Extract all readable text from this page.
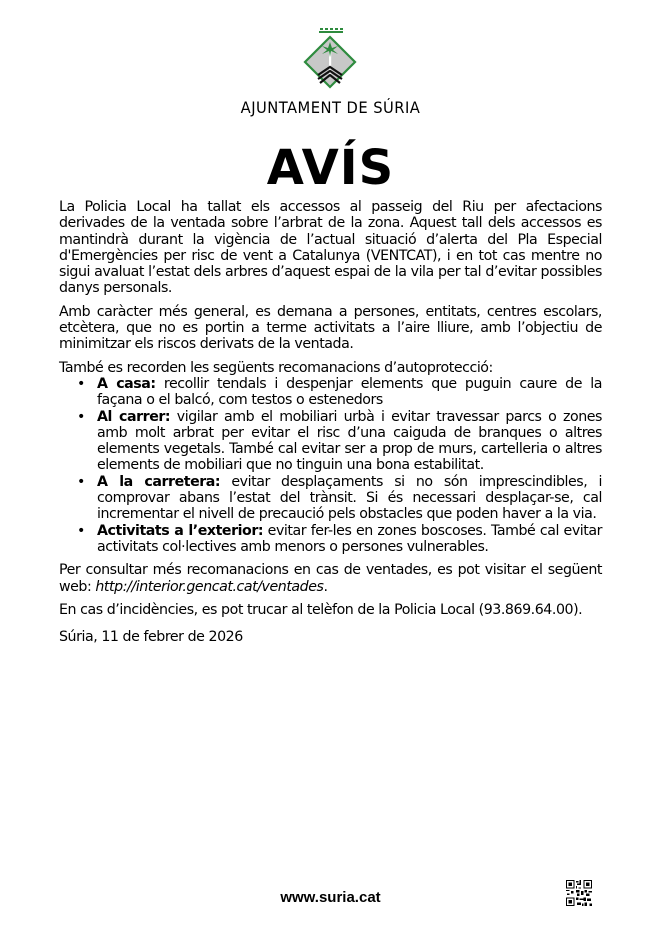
AJUNTAMENT DE SÚRIA
AVÍS

La Policia Local ha tallat els accessos al passeig del Riu per afectacions derivades de la ventada sobre l’arbrat de la zona. Aquest tall dels accessos es mantindrà durant la vigència de l’actual situació d’alerta del Pla Especial d'Emergències per risc de vent a Catalunya (VENTCAT), i en tot cas mentre no sigui avaluat l’estat dels arbres d’aquest espai de la vila per tal d’evitar possibles danys personals.

Amb caràcter més general, es demana a persones, entitats, centres escolars, etcètera, que no es portin a terme activitats a l’aire lliure, amb l’objectiu de minimitzar els riscos derivats de la ventada.

També es recorden les següents recomanacions d’autoprotecció:

• A casa: recollir tendals i despenjar elements que puguin caure de la façana o el balcó, com testos o estenedors
• Al carrer: vigilar amb el mobiliari urbà i evitar travessar parcs o zones amb molt arbrat per evitar el risc d’una caiguda de branques o altres elements vegetals. També cal evitar ser a prop de murs, cartelleria o altres elements de mobiliari que no tinguin una bona estabilitat.
• A la carretera: evitar desplaçaments si no són imprescindibles, i comprovar abans l’estat del trànsit. Si és necessari desplaçar-se, cal incrementar el nivell de precaució pels obstacles que poden haver a la via.
• Activitats a l’exterior: evitar fer-les en zones boscoses. També cal evitar activitats col·lectives amb menors o persones vulnerables.

Per consultar més recomanacions en cas de ventades, es pot visitar el següent web: http://interior.gencat.cat/ventades.

En cas d’incidències, es pot trucar al telèfon de la Policia Local (93.869.64.00).

Súria, 11 de febrer de 2026

www.suria.cat
